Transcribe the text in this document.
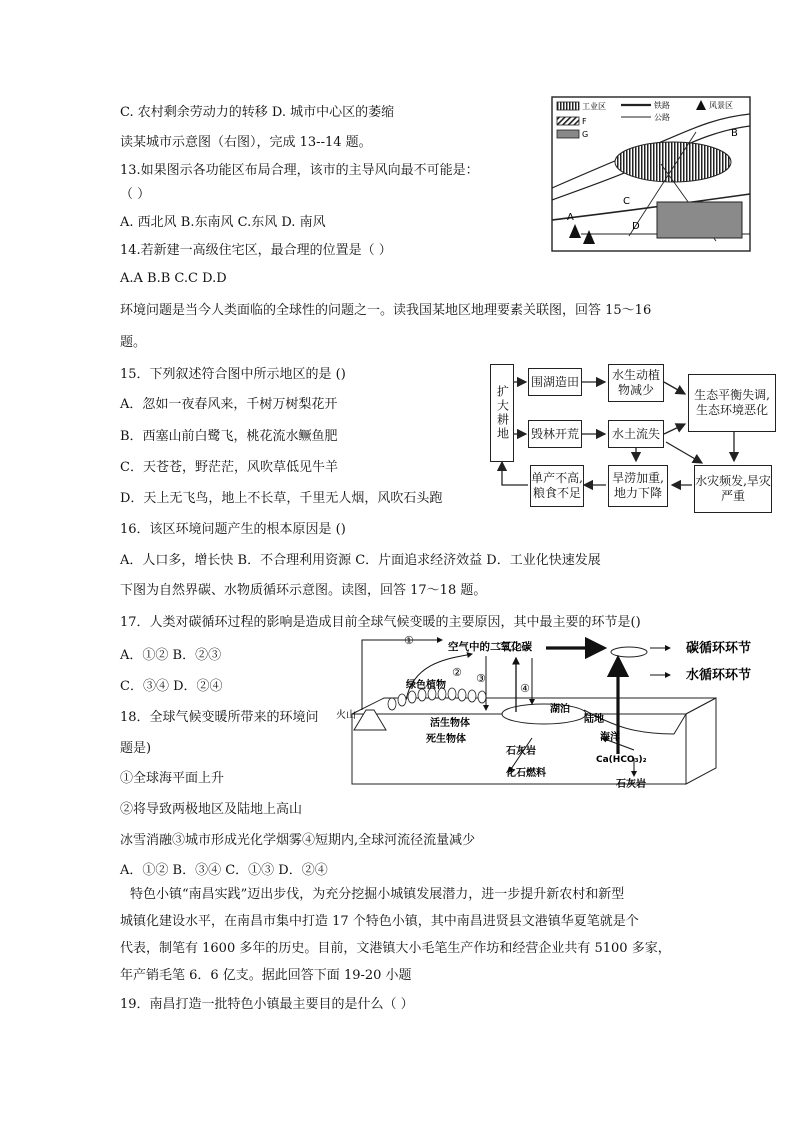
C. 农村剩余劳动力的转移 D. 城市中心区的萎缩
读某城市示意图（右图），完成 13--14 题。
13.如果图示各功能区布局合理，该市的主导风向最不可能是：
（ ）
A. 西北风 B.东南风 C.东风 D. 南风
14.若新建一高级住宅区，最合理的位置是（ ）
A.A B.B C.C D.D
环境问题是当今人类面临的全球性的问题之一。读我国某地区地理要素关联图，回答 15～16
题。
15．下列叙述符合图中所示地区的是 ()
A．忽如一夜春风来，千树万树梨花开
B．西塞山前白鹭飞，桃花流水鳜鱼肥
C．天苍苍，野茫茫，风吹草低见牛羊
D．天上无飞鸟，地上不长草，千里无人烟，风吹石头跑
16．该区环境问题产生的根本原因是 ()
A．人口多，增长快 B．不合理利用资源 C．片面追求经济效益 D．工业化快速发展
下图为自然界碳、水物质循环示意图。读图，回答 17～18 题。
17．人类对碳循环过程的影响是造成目前全球气候变暖的主要原因，其中最主要的环节是()
A．①② B．②③
C．③④ D．②④
18．全球气候变暖所带来的环境问
题是)
①全球海平面上升
②将导致两极地区及陆地上高山
冰雪消融③城市形成光化学烟雾④短期内,全球河流径流量减少
A．①② B．③④ C．①③ D．②④
特色小镇“南昌实践”迈出步伐，为充分挖掘小城镇发展潜力，进一步提升新农村和新型
城镇化建设水平，在南昌市集中打造 17 个特色小镇，其中南昌进贤县文港镇华夏笔就是个
代表，制笔有 1600 多年的历史。目前，文港镇大小毛笔生产作坊和经营企业共有 5100 多家，
年产销毛笔 6．6 亿支。据此回答下面 19-20 小题
19．南昌打造一批特色小镇最主要目的是什么（ ）
工业区
F
G
铁路
公路
风景区
A
B
C
D
扩大耕地
围湖造田	水生动植物减少	生态平衡失调,生态环境恶化
毁林开荒	水土流失
单产不高,粮食不足
旱涝加重,地力下降
水灾频发,旱灾严重
火山
空气中的二氧化碳
①
② ③
④
碳循环环节
水循环环节
绿色植物
活生物体
死生物体
湖泊
陆地
海洋
石灰岩
Ca(HCO₃)₂
化石燃料
石灰岩
